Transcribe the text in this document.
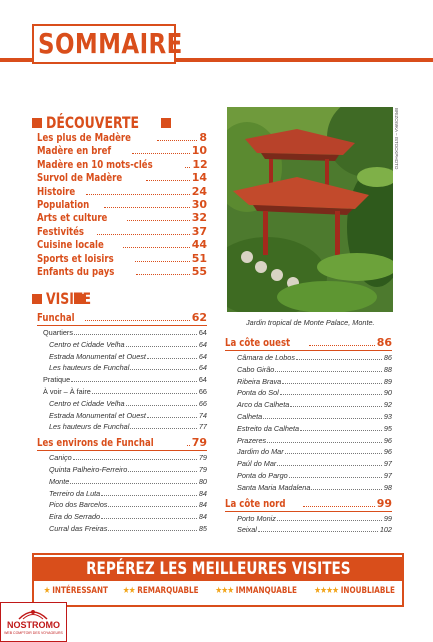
SOMMAIRE
DÉCOUVERTE
Les plus de Madère	8
Madère en bref	10
Madère en 10 mots-clés	12
Survol de Madère	14
Histoire	24
Population	30
Arts et culture	32
Festivités	37
Cuisine locale	44
Sports et loisirs	51
Enfants du pays	55
VISITE
Funchal	62
Quartiers	64
Centro et Cidade Velha	64
Estrada Monumental et Ouest	64
Les hauteurs de Funchal	64
Pratique	64
À voir – À faire	66
Centro et Cidade Velha	66
Estrada Monumental et Ouest	74
Les hauteurs de Funchal	77
Les environs de Funchal	79
Caniço	79
Quinta Palheiro-Ferreiro	79
Monte	80
Terreiro da Luta	84
Pico dos Barcelos	84
Eira do Serrado	84
Curral das Freiras	85
La côte ouest	86
Câmara de Lobos	86
Cabo Girão	88
Ribeira Brava	89
Ponta do Sol	90
Arco da Calheta	92
Calheta	93
Estreito da Calheta	95
Prazeres	96
Jardim do Mar	96
Paúl do Mar	97
Ponta do Pargo	97
Santa Maria Madalena	98
La côte nord	99
Porto Moniz	99
Seixal	102
BRIZOWKA – ISTOCKPHOTO
Jardin tropical de Monte Palace, Monte.
REPÉREZ LES MEILLEURES VISITES
★ INTÉRESSANT ★★ REMARQUABLE ★★★ IMMANQUABLE ★★★★ INOUBLIABLE
NOSTROMO
WEB COMPTOIR DES VOYAGEURS
